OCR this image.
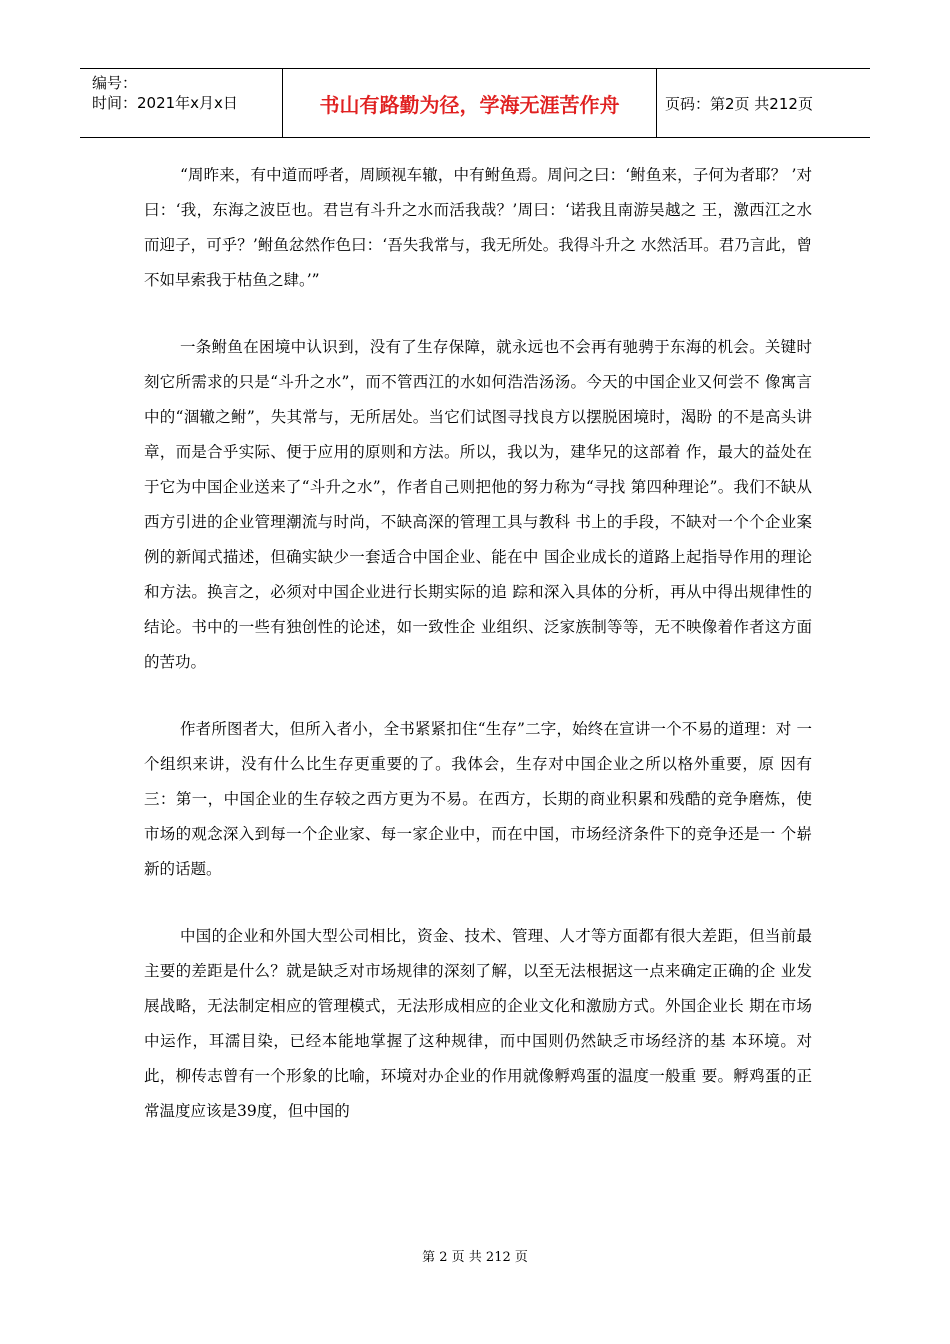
编号：
时间：2021年x月x日	书山有路勤为径，学海无涯苦作舟	页码：第2页 共212页

“周昨来，有中道而呼者，周顾视车辙，中有鲋鱼焉。周问之曰：‘鲋鱼来，子何为者耶？ ’对曰：‘我，东海之波臣也。君岂有斗升之水而活我哉？’周曰：‘诺我且南游吴越之 王，激西江之水而迎子，可乎？’鲋鱼忿然作色曰：‘吾失我常与，我无所处。我得斗升之 水然活耳。君乃言此，曾不如早索我于枯鱼之肆。’”

一条鲋鱼在困境中认识到，没有了生存保障，就永远也不会再有驰骋于东海的机会。关键时 刻它所需求的只是“斗升之水”，而不管西江的水如何浩浩汤汤。今天的中国企业又何尝不 像寓言中的“涸辙之鲋”，失其常与，无所居处。当它们试图寻找良方以摆脱困境时，渴盼 的不是高头讲章，而是合乎实际、便于应用的原则和方法。所以，我以为，建华兄的这部着 作，最大的益处在于它为中国企业送来了“斗升之水”，作者自己则把他的努力称为“寻找 第四种理论”。我们不缺从西方引进的企业管理潮流与时尚，不缺高深的管理工具与教科 书上的手段，不缺对一个个企业案例的新闻式描述，但确实缺少一套适合中国企业、能在中 国企业成长的道路上起指导作用的理论和方法。换言之，必须对中国企业进行长期实际的追 踪和深入具体的分析，再从中得出规律性的结论。书中的一些有独创性的论述，如一致性企 业组织、泛家族制等等，无不映像着作者这方面的苦功。

作者所图者大，但所入者小，全书紧紧扣住“生存”二字，始终在宣讲一个不易的道理：对 一个组织来讲，没有什么比生存更重要的了。我体会，生存对中国企业之所以格外重要，原 因有三：第一，中国企业的生存较之西方更为不易。在西方，长期的商业积累和残酷的竞争磨炼，使 市场的观念深入到每一个企业家、每一家企业中，而在中国，市场经济条件下的竞争还是一 个崭 新的话题。

中国的企业和外国大型公司相比，资金、技术、管理、人才等方面都有很大差距，但当前最 主要的差距是什么？就是缺乏对市场规律的深刻了解，以至无法根据这一点来确定正确的企 业发展战略，无法制定相应的管理模式，无法形成相应的企业文化和激励方式。外国企业长 期在市场中运作，耳濡目染，已经本能地掌握了这种规律，而中国则仍然缺乏市场经济的基 本环境。对此，柳传志曾有一个形象的比喻，环境对办企业的作用就像孵鸡蛋的温度一般重 要。孵鸡蛋的正常温度应该是39度，但中国的

第 2 页 共 212 页
